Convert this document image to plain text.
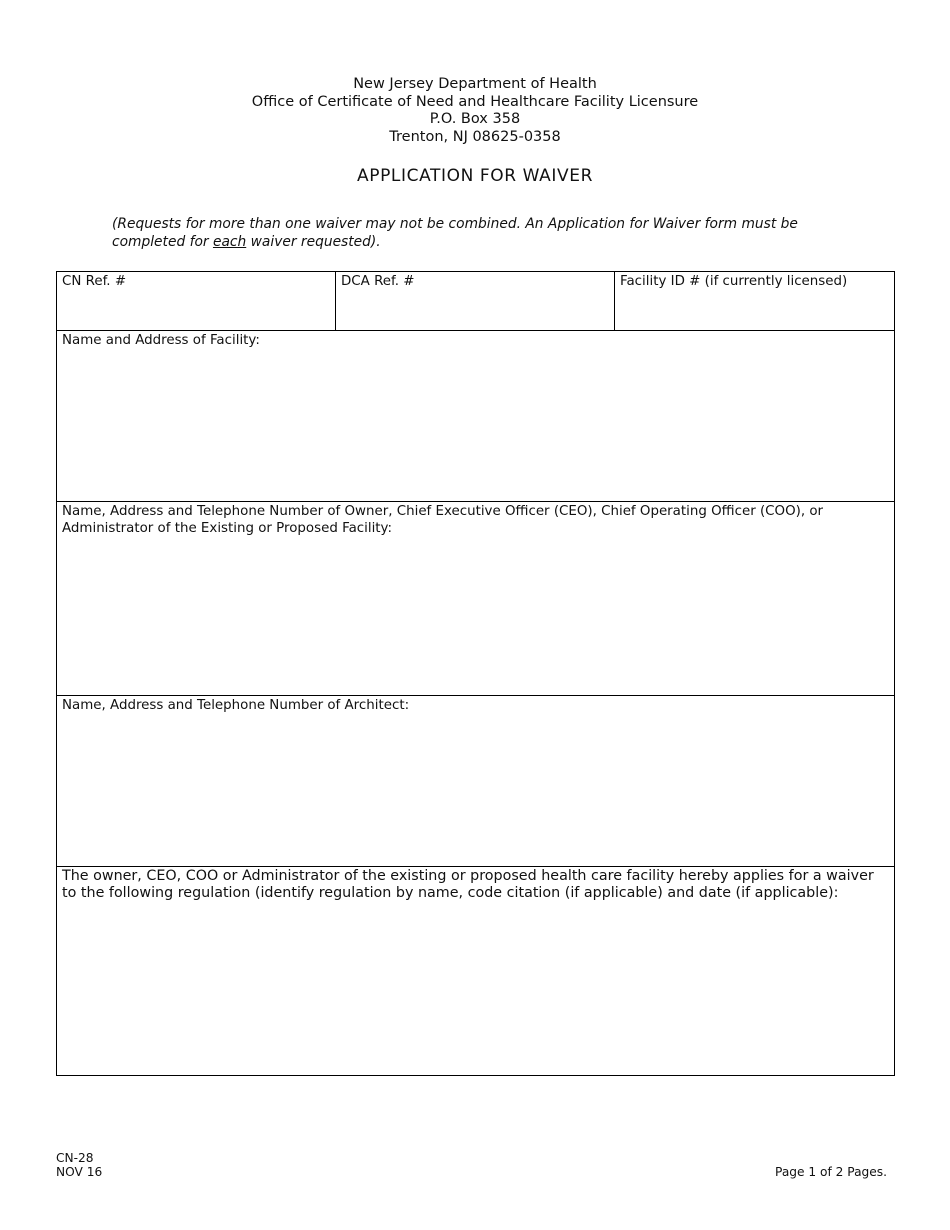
New Jersey Department of Health
Office of Certificate of Need and Healthcare Facility Licensure
P.O. Box 358
Trenton, NJ 08625-0358
APPLICATION FOR WAIVER
(Requests for more than one waiver may not be combined. An Application for Waiver form must be completed for each waiver requested).
CN Ref. #	DCA Ref. #	Facility ID # (if currently licensed)
Name and Address of Facility:
Name, Address and Telephone Number of Owner, Chief Executive Officer (CEO), Chief Operating Officer (COO), or Administrator of the Existing or Proposed Facility:
Name, Address and Telephone Number of Architect:
The owner, CEO, COO or Administrator of the existing or proposed health care facility hereby applies for a waiver to the following regulation (identify regulation by name, code citation (if applicable) and date (if applicable):
CN-28
NOV 16	Page 1 of 2 Pages.
